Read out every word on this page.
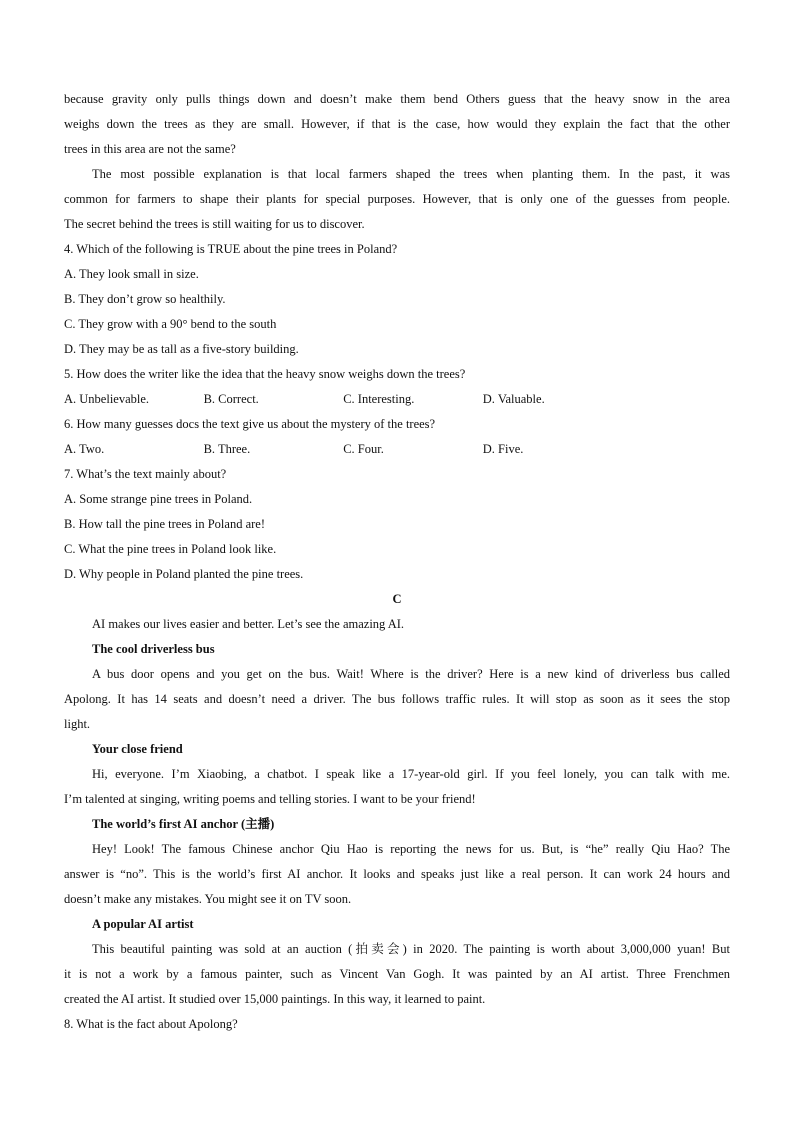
because gravity only pulls things down and doesn’t make them bend Others guess that the heavy snow in the area
weighs down the trees as they are small. However, if that is the case, how would they explain the fact that the other
trees in this area are not the same?
The most possible explanation is that local farmers shaped the trees when planting them. In the past, it was
common for farmers to shape their plants for special purposes. However, that is only one of the guesses from people.
The secret behind the trees is still waiting for us to discover.
4. Which of the following is TRUE about the pine trees in Poland?
A. They look small in size.
B. They don’t grow so healthily.
C. They grow with a 90° bend to the south
D. They may be as tall as a five-story building.
5. How does the writer like the idea that the heavy snow weighs down the trees?
A. Unbelievable.	B. Correct.	C. Interesting.	D. Valuable.
6. How many guesses docs the text give us about the mystery of the trees?
A. Two.	B. Three.	C. Four.	D. Five.
7. What’s the text mainly about?
A. Some strange pine trees in Poland.
B. How tall the pine trees in Poland are!
C. What the pine trees in Poland look like.
D. Why people in Poland planted the pine trees.
C
AI makes our lives easier and better. Let’s see the amazing AI.
The cool driverless bus
A bus door opens and you get on the bus. Wait! Where is the driver? Here is a new kind of driverless bus called
Apolong. It has 14 seats and doesn’t need a driver. The bus follows traffic rules. It will stop as soon as it sees the stop
light.
Your close friend
Hi, everyone. I’m Xiaobing, a chatbot. I speak like a 17-year-old girl. If you feel lonely, you can talk with me.
I’m talented at singing, writing poems and telling stories. I want to be your friend!
The world’s first AI anchor (主播)
Hey! Look! The famous Chinese anchor Qiu Hao is reporting the news for us. But, is “he” really Qiu Hao? The
answer is “no”. This is the world’s first AI anchor. It looks and speaks just like a real person. It can work 24 hours and
doesn’t make any mistakes. You might see it on TV soon.
A popular AI artist
This beautiful painting was sold at an auction (拍卖会) in 2020. The painting is worth about 3,000,000 yuan! But
it is not a work by a famous painter, such as Vincent Van Gogh. It was painted by an AI artist. Three Frenchmen
created the AI artist. It studied over 15,000 paintings. In this way, it learned to paint.
8. What is the fact about Apolong?
